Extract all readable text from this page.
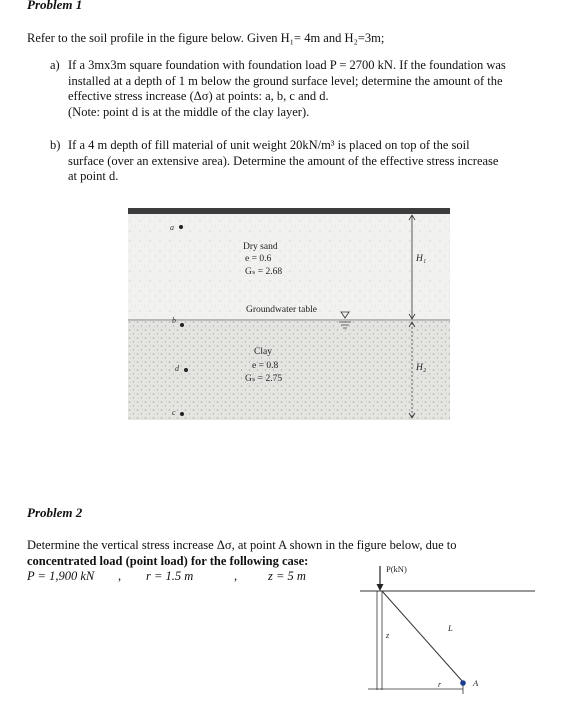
Problem 1
Refer to the soil profile in the figure below. Given H₁= 4m and H₂=3m;
a) If a 3mx3m square foundation with foundation load P = 2700 kN. If the foundation was
installed at a depth of 1 m below the ground surface level; determine the amount of the
effective stress increase (Δσ) at points: a, b, c and d.
(Note: point d is at the middle of the clay layer).
b) If a 4 m depth of fill material of unit weight 20kN/m³ is placed on top of the soil
surface (over an extensive area). Determine the amount of the effective stress increase
at point d.
a
b
d
c
Dry sand
e = 0.6
Gₛ = 2.68
Groundwater table
Clay
e = 0.8
Gₛ = 2.75
H₁
H₂
Problem 2
Determine the vertical stress increase Δσ, at point A shown in the figure below, due to
concentrated load (point load) for the following case:
P = 1,900 kN , r = 1.5 m	, z = 5 m	P(kN)
z
L
r	A
